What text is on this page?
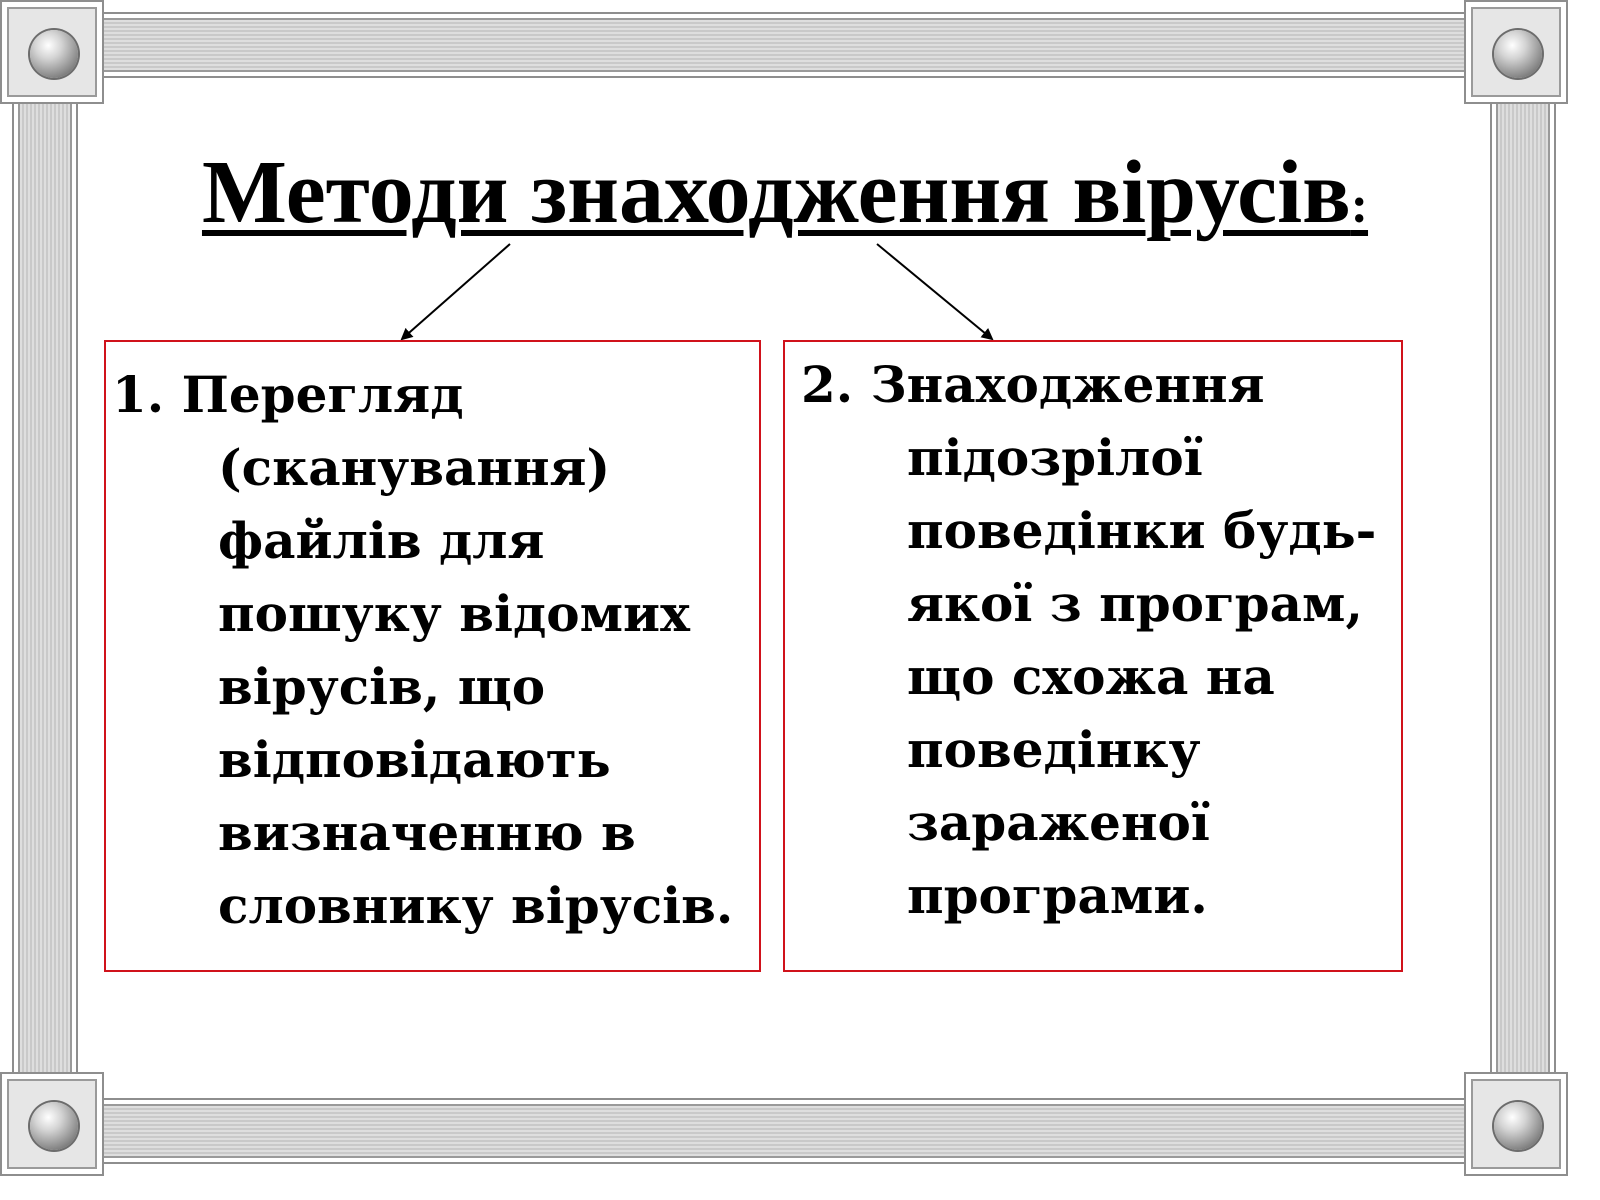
Методи знаходження вірусів:

1. Перегляд (сканування) файлів для пошуку відомих вірусів, що відповідають визначенню в словнику вірусів.

2. Знаходження підозрілої поведінки будь-якої з програм, що схожа на поведінку зараженої програми.
